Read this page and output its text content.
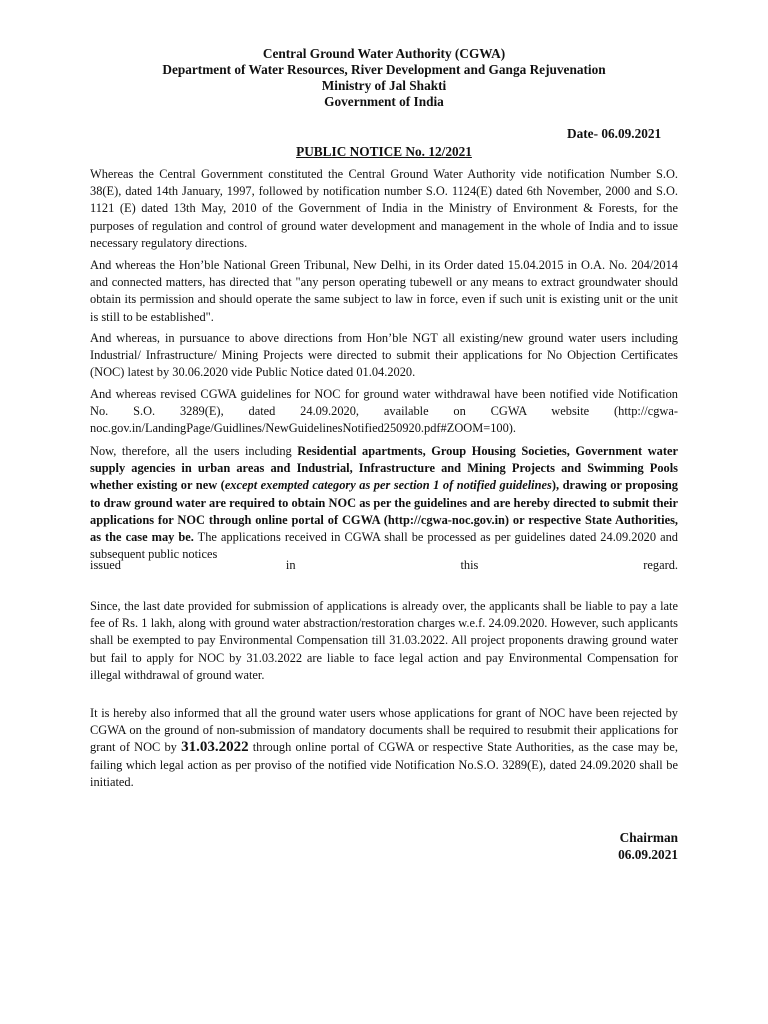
Central Ground Water Authority (CGWA)
Department of Water Resources, River Development and Ganga Rejuvenation
Ministry of Jal Shakti
Government of India
Date- 06.09.2021
PUBLIC NOTICE No. 12/2021

Whereas the Central Government constituted the Central Ground Water Authority vide notification Number S.O. 38(E), dated 14th January, 1997, followed by notification number S.O. 1124(E) dated 6th November, 2000 and S.O. 1121 (E) dated 13th May, 2010 of the Government of India in the Ministry of Environment & Forests, for the purposes of regulation and control of ground water development and management in the whole of India and to issue necessary regulatory directions.

And whereas the Hon’ble National Green Tribunal, New Delhi, in its Order dated 15.04.2015 in O.A. No. 204/2014 and connected matters, has directed that "any person operating tubewell or any means to extract groundwater should obtain its permission and should operate the same subject to law in force, even if such unit is existing unit or the unit is still to be established".

And whereas, in pursuance to above directions from Hon’ble NGT all existing/new ground water users including Industrial/ Infrastructure/ Mining Projects were directed to submit their applications for No Objection Certificates (NOC) latest by 30.06.2020 vide Public Notice dated 01.04.2020.

And whereas revised CGWA guidelines for NOC for ground water withdrawal have been notified vide Notification No. S.O. 3289(E), dated 24.09.2020, available on CGWA website (http://cgwa-noc.gov.in/LandingPage/Guidlines/NewGuidelinesNotified250920.pdf#ZOOM=100).

Now, therefore, all the users including Residential apartments, Group Housing Societies, Government water supply agencies in urban areas and Industrial, Infrastructure and Mining Projects and Swimming Pools whether existing or new (except exempted category as per section 1 of notified guidelines), drawing or proposing to draw ground water are required to obtain NOC as per the guidelines and are hereby directed to submit their applications for NOC through online portal of CGWA (http://cgwa-noc.gov.in) or respective State Authorities, as the case may be. The applications received in CGWA shall be processed as per guidelines dated 24.09.2020 and subsequent public notices

issued	in	this	regard.

Since, the last date provided for submission of applications is already over, the applicants shall be liable to pay a late fee of Rs. 1 lakh, along with ground water abstraction/restoration charges w.e.f. 24.09.2020. However, such applicants shall be exempted to pay Environmental Compensation till 31.03.2022. All project proponents drawing ground water but fail to apply for NOC by 31.03.2022 are liable to face legal action and pay Environmental Compensation for illegal withdrawal of ground water.

It is hereby also informed that all the ground water users whose applications for grant of NOC have been rejected by CGWA on the ground of non-submission of mandatory documents shall be required to resubmit their applications for grant of NOC by 31.03.2022 through online portal of CGWA or respective State Authorities, as the case may be, failing which legal action as per proviso of the notified vide Notification No.S.O. 3289(E), dated 24.09.2020 shall be initiated.

Chairman
06.09.2021
